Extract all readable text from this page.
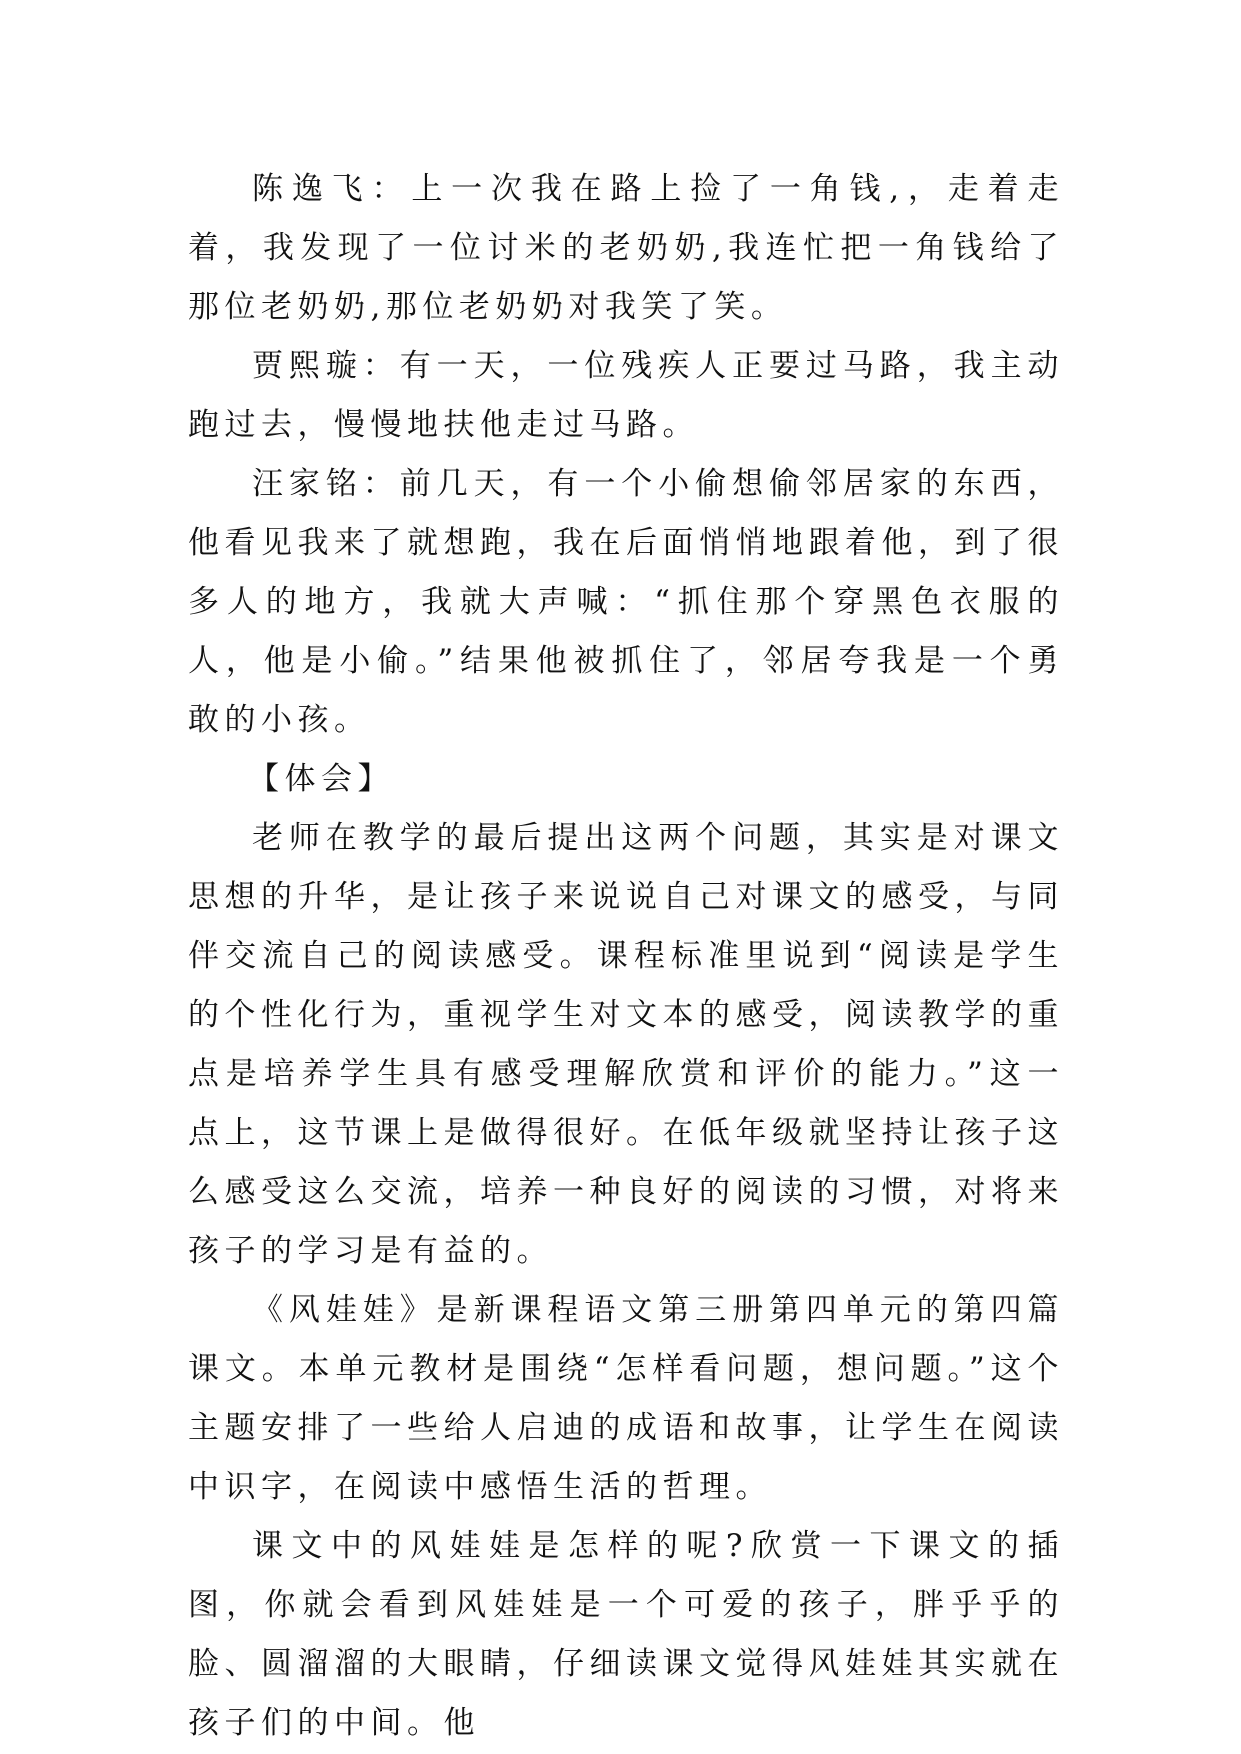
陈逸飞：上一次我在路上捡了一角钱,，走着走着，我发现了一位讨米的老奶奶,我连忙把一角钱给了那位老奶奶,那位老奶奶对我笑了笑。

贾熙璇：有一天，一位残疾人正要过马路，我主动跑过去，慢慢地扶他走过马路。

汪家铭：前几天，有一个小偷想偷邻居家的东西，他看见我来了就想跑，我在后面悄悄地跟着他，到了很多人的地方，我就大声喊：“抓住那个穿黑色衣服的人，他是小偷。”结果他被抓住了，邻居夸我是一个勇敢的小孩。

【体会】

老师在教学的最后提出这两个问题，其实是对课文思想的升华，是让孩子来说说自己对课文的感受，与同伴交流自己的阅读感受。课程标准里说到“阅读是学生的个性化行为，重视学生对文本的感受，阅读教学的重点是培养学生具有感受理解欣赏和评价的能力。”这一点上，这节课上是做得很好。在低年级就坚持让孩子这么感受这么交流，培养一种良好的阅读的习惯，对将来孩子的学习是有益的。

《风娃娃》是新课程语文第三册第四单元的第四篇课文。本单元教材是围绕“怎样看问题，想问题。”这个主题安排了一些给人启迪的成语和故事，让学生在阅读中识字，在阅读中感悟生活的哲理。

课文中的风娃娃是怎样的呢?欣赏一下课文的插图，你就会看到风娃娃是一个可爱的孩子，胖乎乎的脸、圆溜溜的大眼睛，仔细读课文觉得风娃娃其实就在孩子们的中间。他
